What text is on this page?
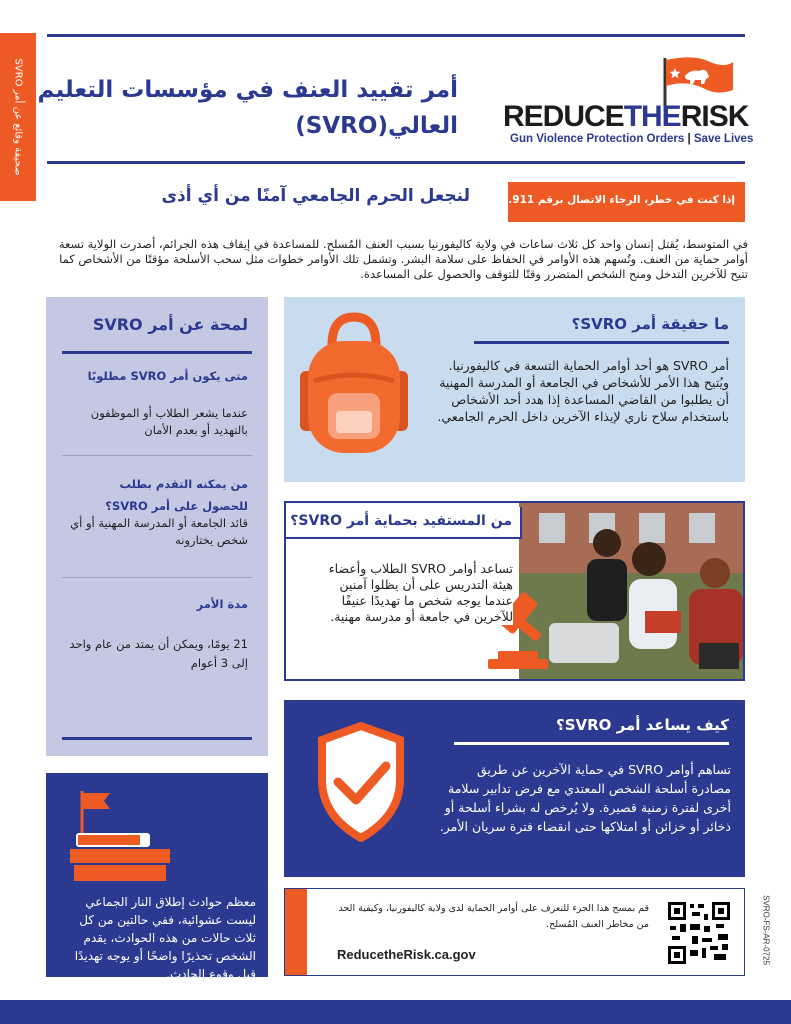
صحيفة وقائع عن أمر SVRO أمر تقييد العنف في مؤسسات التعليم
العالي(SVRO) REDUCETHERISK
Gun Violence Protection Orders | Save Lives
إذا كنت في خطر، الرجاء الاتصال برقم 911.
لنجعل الحرم الجامعي آمنًا من أي أذى
في المتوسط، يُقتل إنسان واحد كل ثلاث ساعات في ولاية كاليفورنيا بسبب العنف المُسلح. للمساعدة في إيقاف هذه الجرائم، أصدرت الولاية تسعة أوامر حماية من العنف. وتُسهم هذه الأوامر في الحفاظ على سلامة البشر. وتشمل تلك الأوامر خطوات مثل سحب الأسلحة مؤقتًا من الأشخاص كما تتيح للآخرين التدخل ومنح الشخص المتضرر وقتًا للتوقف والحصول على المساعدة.
لمحة عن أمر SVRO
متى يكون أمر SVRO مطلوبًا
عندما يشعر الطلاب أو الموظفون بالتهديد أو بعدم الأمان
من يمكنه التقدم بطلب للحصول على أمر SVRO؟
قائد الجامعة أو المدرسة المهنية أو أي شخص يختارونه
مدة الأمر
21 يومًا، ويمكن أن يمتد من عام واحد إلى 3 أعوام
ما حقيقة أمر SVRO؟
أمر SVRO هو أحد أوامر الحماية التسعة في كاليفورنيا. ويُتيح هذا الأمر للأشخاص في الجامعة أو المدرسة المهنية أن يطلبوا من القاضي المساعدة إذا هدد أحد الأشخاص باستخدام سلاح ناري لإيذاء الآخرين داخل الحرم الجامعي.
من المستفيد بحماية أمر SVRO؟
تساعد أوامر SVRO الطلاب وأعضاء هيئة التدريس على أن يظلوا آمنين عندما يوجه شخص ما تهديدًا عنيفًا للآخرين في جامعة أو مدرسة مهنية.
كيف يساعد أمر SVRO؟
تساهم أوامر SVRO في حماية الآخرين عن طريق مصادرة أسلحة الشخص المعتدي مع فرض تدابير سلامة أخرى لفترة زمنية قصيرة. ولا يُرخص له بشراء أسلحة أو ذخائر أو خزائن أو امتلاكها حتى انقضاء فترة سريان الأمر.
معظم حوادث إطلاق النار الجماعي ليست عشوائية، ففي حالتين من كل ثلاث حالات من هذه الحوادث، يقدم الشخص تحذيرًا واضحًا أو يوجه تهديدًا قبل وقوع الحادث.
قم بمسح هذا الجزء للتعرف على أوامر الحماية لدى ولاية كاليفورنيا، وكيفية الحد من مخاطر العنف المُسلح.
ReducetheRisk.ca.gov	SVRO-FS-AR-0725
